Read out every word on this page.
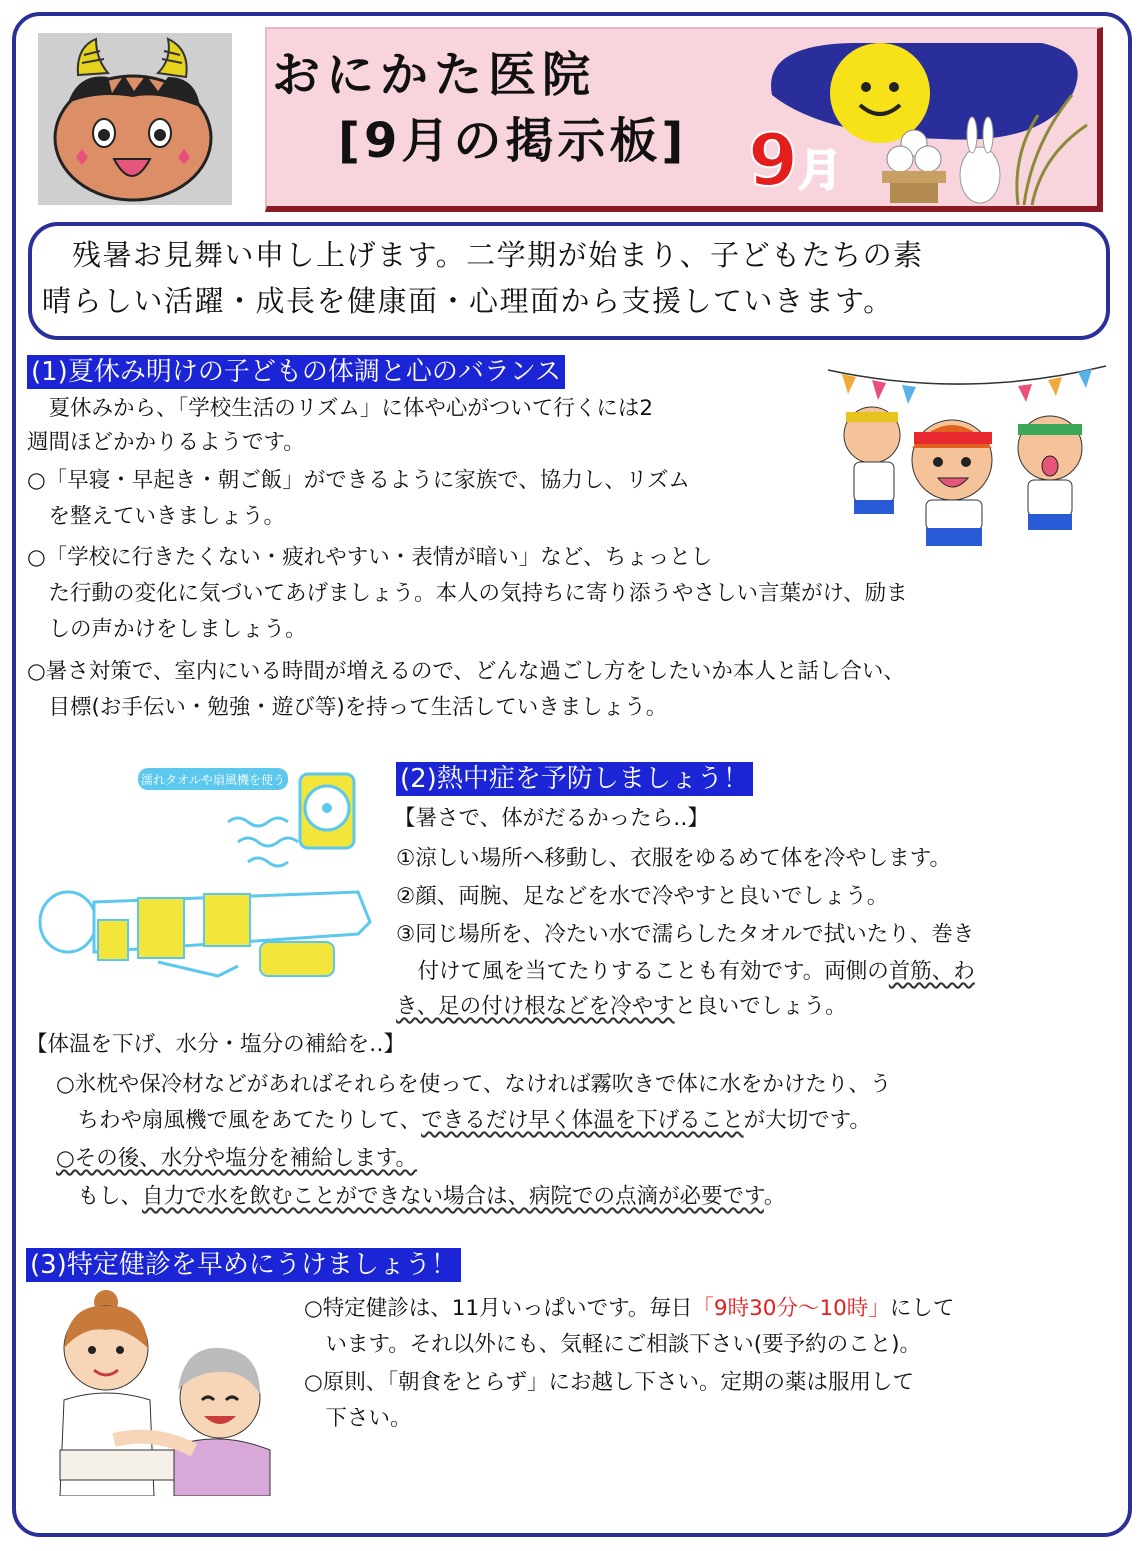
おにかた医院
[9月の掲示板] 9月
残暑お見舞い申し上げます。二学期が始まり、子どもたちの素
晴らしい活躍・成長を健康面・心理面から支援していきます。
(1)夏休み明けの子どもの体調と心のバランス
　夏休みから、「学校生活のリズム」に体や心がついて行くには2
週間ほどかかりるようです。
○「早寝・早起き・朝ご飯」ができるように家族で、協力し、リズム
　を整えていきましょう。
○「学校に行きたくない・疲れやすい・表情が暗い」など、ちょっとし
　た行動の変化に気づいてあげましょう。本人の気持ちに寄り添うやさしい言葉がけ、励ま
　しの声かけをしましょう。
○暑さ対策で、室内にいる時間が増えるので、どんな過ごし方をしたいか本人と話し合い、
　目標(お手伝い・勉強・遊び等)を持って生活していきましょう。
濡れタオルや扇風機を使う	(2)熱中症を予防しましょう！
【暑さで、体がだるかったら‥】
①涼しい場所へ移動し、衣服をゆるめて体を冷やします。
②顔、両腕、足などを水で冷やすと良いでしょう。
③同じ場所を、冷たい水で濡らしたタオルで拭いたり、巻き
　付けて風を当てたりすることも有効です。両側の首筋、わ
き、足の付け根などを冷やすと良いでしょう。
【体温を下げ、水分・塩分の補給を‥】
○氷枕や保冷材などがあればそれらを使って、なければ霧吹きで体に水をかけたり、う
　ちわや扇風機で風をあてたりして、できるだけ早く体温を下げることが大切です。
○その後、水分や塩分を補給します。
　もし、自力で水を飲むことができない場合は、病院での点滴が必要です。
(3)特定健診を早めにうけましょう！
○特定健診は、11月いっぱいです。毎日「9時30分～10時」にして
　います。それ以外にも、気軽にご相談下さい(要予約のこと)。
○原則、「朝食をとらず」にお越し下さい。定期の薬は服用して
　下さい。
